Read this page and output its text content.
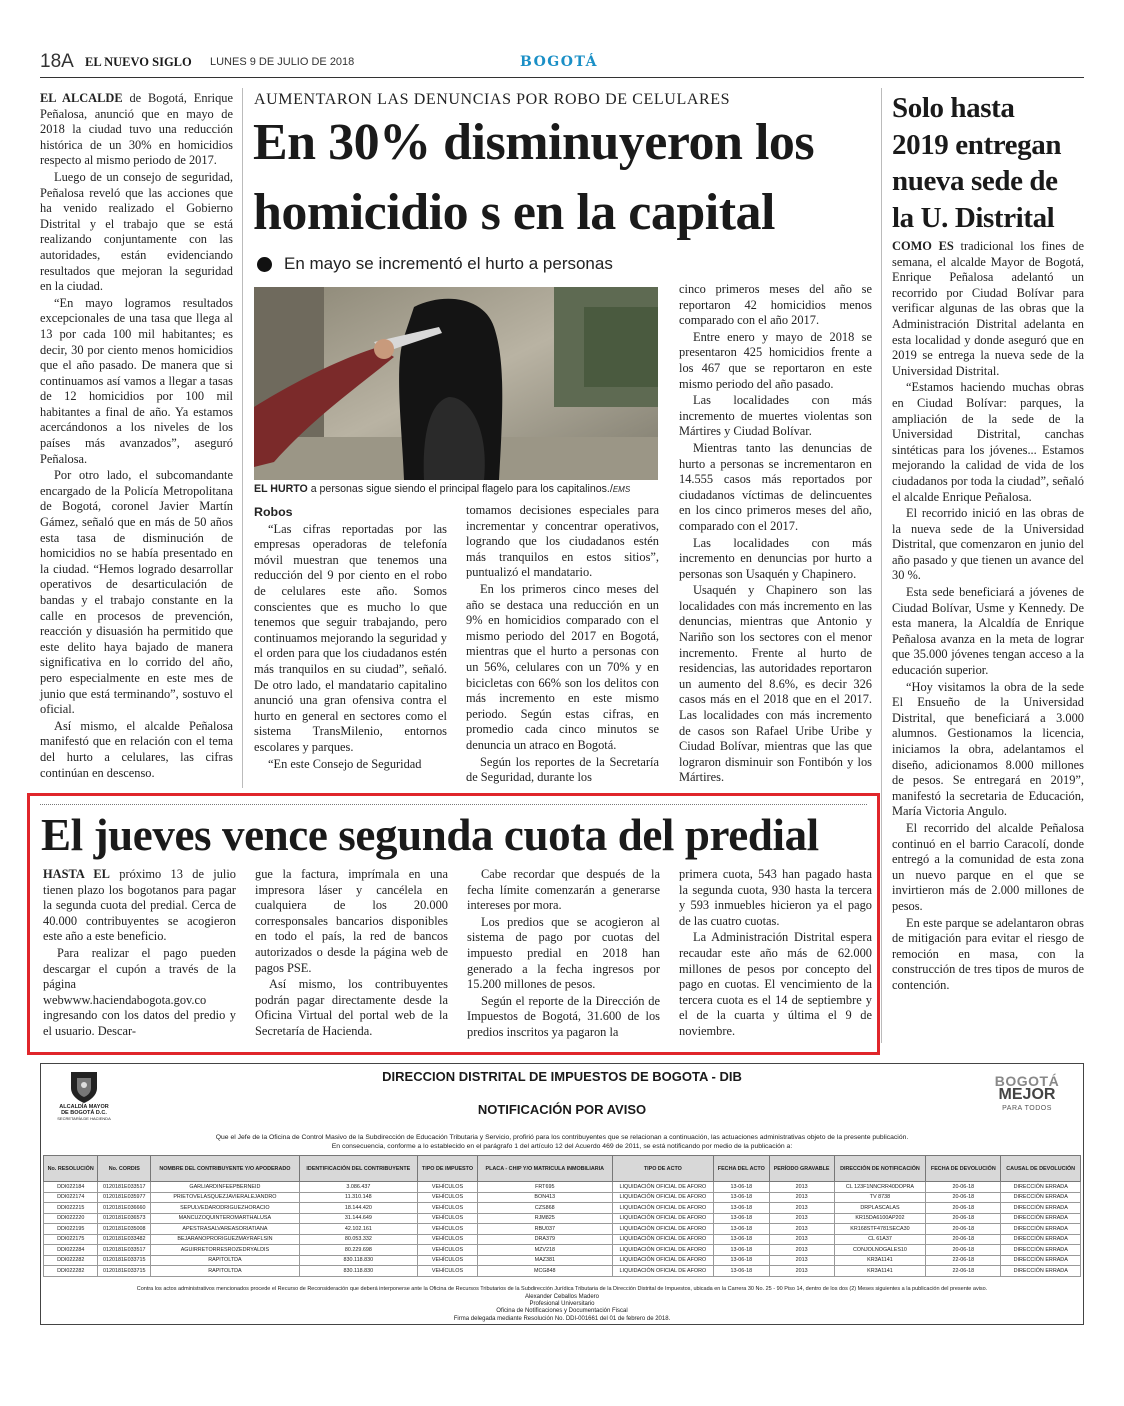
18A EL NUEVO SIGLO LUNES 9 DE JULIO DE 2018	BOGOTÁ

EL ALCALDE de Bogotá, Enrique Peñalosa, anunció que en mayo de 2018 la ciudad tuvo una reducción histórica de un 30% en homicidios respecto al mismo periodo de 2017.

Luego de un consejo de seguridad, Peñalosa reveló que las acciones que ha venido realizado el Gobierno Distrital y el trabajo que se está realizando conjuntamente con las autoridades, están evidenciando resultados que mejoran la seguridad en la ciudad.

“En mayo logramos resultados excepcionales de una tasa que llega al 13 por cada 100 mil habitantes; es decir, 30 por ciento menos homicidios que el año pasado. De manera que si continuamos así vamos a llegar a tasas de 12 homicidios por 100 mil habitantes a final de año. Ya estamos acercándonos a los niveles de los países más avanzados”, aseguró Peñalosa.

Por otro lado, el subcomandante encargado de la Policía Metropolitana de Bogotá, coronel Javier Martín Gámez, señaló que en más de 50 años esta tasa de disminución de homicidios no se había presentado en la ciudad. “Hemos logrado desarrollar operativos de desarticulación de bandas y el trabajo constante en la calle en procesos de prevención, reacción y disuasión ha permitido que este delito haya bajado de manera significativa en lo corrido del año, pero especialmente en este mes de junio que está terminando”, sostuvo el oficial.

Así mismo, el alcalde Peñalosa manifestó que en relación con el tema del hurto a celulares, las cifras continúan en descenso.

AUMENTARON LAS DENUNCIAS POR ROBO DE CELULARES
En 30% disminuyeron los
homicidio s en la capital
En mayo se incrementó el hurto a personas
EL HURTO a personas sigue siendo el principal flagelo para los capitalinos./EMS

Robos

“Las cifras reportadas por las empresas operadoras de telefonía móvil muestran que tenemos una reducción del 9 por ciento en el robo de celulares este año. Somos conscientes que es mucho lo que tenemos que seguir trabajando, pero continuamos mejorando la seguridad y el orden para que los ciudadanos estén más tranquilos en su ciudad”, señaló. De otro lado, el mandatario capitalino anunció una gran ofensiva contra el hurto en general en sectores como el sistema TransMilenio, entornos escolares y parques.

“En este Consejo de Seguridad

tomamos decisiones especiales para incrementar y concentrar operativos, logrando que los ciudadanos estén más tranquilos en estos sitios”, puntualizó el mandatario.

En los primeros cinco meses del año se destaca una reducción en un 9% en homicidios comparado con el mismo periodo del 2017 en Bogotá, mientras que el hurto a personas con un 56%, celulares con un 70% y en bicicletas con 66% son los delitos con más incremento en este mismo periodo. Según estas cifras, en promedio cada cinco minutos se denuncia un atraco en Bogotá.

Según los reportes de la Secretaría de Seguridad, durante los

cinco primeros meses del año se reportaron 42 homicidios menos comparado con el año 2017.

Entre enero y mayo de 2018 se presentaron 425 homicidios frente a los 467 que se reportaron en este mismo periodo del año pasado.

Las localidades con más incremento de muertes violentas son Mártires y Ciudad Bolívar.

Mientras tanto las denuncias de hurto a personas se incrementaron en 14.555 casos más reportados por ciudadanos víctimas de delincuentes en los cinco primeros meses del año, comparado con el 2017.

Las localidades con más incremento en denuncias por hurto a personas son Usaquén y Chapinero.

Usaquén y Chapinero son las localidades con más incremento en las denuncias, mientras que Antonio y Nariño son los sectores con el menor incremento. Frente al hurto de residencias, las autoridades reportaron un aumento del 8.6%, es decir 326 casos más en el 2018 que en el 2017. Las localidades con más incremento de casos son Rafael Uribe Uribe y Ciudad Bolívar, mientras que las que lograron disminuir son Fontibón y los Mártires.

Solo hasta
2019 entregan
nueva sede de
la U. Distrital

COMO ES tradicional los fines de semana, el alcalde Mayor de Bogotá, Enrique Peñalosa adelantó un recorrido por Ciudad Bolívar para verificar algunas de las obras que la Administración Distrital adelanta en esta localidad y donde aseguró que en 2019 se entrega la nueva sede de la Universidad Distrital.

“Estamos haciendo muchas obras en Ciudad Bolívar: parques, la ampliación de la sede de la Universidad Distrital, canchas sintéticas para los jóvenes... Estamos mejorando la calidad de vida de los ciudadanos por toda la ciudad”, señaló el alcalde Enrique Peñalosa.

El recorrido inició en las obras de la nueva sede de la Universidad Distrital, que comenzaron en junio del año pasado y que tienen un avance del 30 %.

Esta sede beneficiará a jóvenes de Ciudad Bolívar, Usme y Kennedy. De esta manera, la Alcaldía de Enrique Peñalosa avanza en la meta de lograr que 35.000 jóvenes tengan acceso a la educación superior.

“Hoy visitamos la obra de la sede El Ensueño de la Universidad Distrital, que beneficiará a 3.000 alumnos. Gestionamos la licencia, iniciamos la obra, adelantamos el diseño, adicionamos 8.000 millones de pesos. Se entregará en 2019”, manifestó la secretaria de Educación, María Victoria Angulo.

El recorrido del alcalde Peñalosa continuó en el barrio Caracolí, donde entregó a la comunidad de esta zona un nuevo parque en el que se invirtieron más de 2.000 millones de pesos.

En este parque se adelantaron obras de mitigación para evitar el riesgo de remoción en masa, con la construcción de tres tipos de muros de contención.

El jueves vence segunda cuota del predial

HASTA EL próximo 13 de julio tienen plazo los bogotanos para pagar la segunda cuota del predial. Cerca de 40.000 contribuyentes se acogieron este año a este beneficio.

Para realizar el pago pueden descargar el cupón a través de la página webwww.haciendabogota.gov.co ingresando con los datos del predio y el usuario. Descar-

gue la factura, imprímala en una impresora láser y cancélela en cualquiera de los 20.000 corresponsales bancarios disponibles en todo el país, la red de bancos autorizados o desde la página web de pagos PSE.

Así mismo, los contribuyentes podrán pagar directamente desde la Oficina Virtual del portal web de la Secretaría de Hacienda.

Cabe recordar que después de la fecha límite comenzarán a generarse intereses por mora.

Los predios que se acogieron al sistema de pago por cuotas del impuesto predial en 2018 han generado a la fecha ingresos por 15.200 millones de pesos.

Según el reporte de la Dirección de Impuestos de Bogotá, 31.600 de los predios inscritos ya pagaron la

primera cuota, 543 han pagado hasta la segunda cuota, 930 hasta la tercera y 593 inmuebles hicieron ya el pago de las cuatro cuotas.

La Administración Distrital espera recaudar este año más de 62.000 millones de pesos por concepto del pago en cuotas. El vencimiento de la tercera cuota es el 14 de septiembre y el de la cuarta y última el 9 de noviembre.

ALCALDÍA MAYOR
DE BOGOTÁ D.C.
SECRETARÍA DE HACIENDA
DIRECCION DISTRITAL DE IMPUESTOS DE BOGOTA - DIB
NOTIFICACIÓN POR AVISO
BOGOTÁ
MEJOR
PARA TODOS
Que el Jefe de la Oficina de Control Masivo de la Subdirección de Educación Tributaria y Servicio, profirió para los contribuyentes que se relacionan a continuación, las actuaciones administrativas objeto de la presente publicación.
En consecuencia, conforme a lo establecido en el parágrafo 1 del artículo 12 del Acuerdo 469 de 2011, se está notificando por medio de la publicación a:
No. RESOLUCIÓN	No. CORDIS	NOMBRE DEL CONTRIBUYENTE Y/O APODERADO	IDENTIFICACIÓN DEL CONTRIBUYENTE	TIPO DE IMPUESTO	PLACA - CHIP Y/O MATRICULA INMOBILIARIA	TIPO DE ACTO	FECHA DEL ACTO	PERÍODO GRAVABLE	DIRECCIÓN DE NOTIFICACIÓN	FECHA DE DEVOLUCIÓN	CAUSAL DE DEVOLUCIÓN
DDI022184	0120181E033517	GARLIARDINFEEPBERNEID	3.086.437	VEHÍCULOS	FRT695	LIQUIDACIÓN OFICIAL DE AFORO	13-06-18	2013	CL 123F1NNCRR40DOPRA	20-06-18	DIRECCIÓN ERRADA
DDI022174	0120181E035977	PRIETOVELASQUEZJAVIERALEJANDRO	11.310.148	VEHÍCULOS	BON413	LIQUIDACIÓN OFICIAL DE AFORO	13-06-18	2013	TV 8738	20-06-18	DIRECCIÓN ERRADA
DDI022215	0120181E036660	SEPULVEDARODRIGUEZHORACIO	18.144.420	VEHÍCULOS	CZS868	LIQUIDACIÓN OFICIAL DE AFORO	13-06-18	2013	DRPLASCALAS	20-06-18	DIRECCIÓN ERRADA
DDI022220	0120181E036573	MANCUZOQUINTEROMARTHALUSA	31.144.649	VEHÍCULOS	RJM825	LIQUIDACIÓN OFICIAL DE AFORO	13-06-18	2013	KR15DA6100AP202	20-06-18	DIRECCIÓN ERRADA
DDI022195	0120181E035008	APESTRASALVAREASORIATIANA	42.102.161	VEHÍCULOS	RBU037	LIQUIDACIÓN OFICIAL DE AFORO	13-06-18	2013	KR168STF4781SECA30	20-06-18	DIRECCIÓN ERRADA
DDI022175	0120181E033482	BEJARANOPRORIGUEZMAYRAFLSIN	80.053.332	VEHÍCULOS	DRA379	LIQUIDACIÓN OFICIAL DE AFORO	13-06-18	2013	CL 61A37	20-06-18	DIRECCIÓN ERRADA
DDI022284	0120181E033517	AGUIRRETORRESROZEDRYALDIS	80.229.698	VEHÍCULOS	MZV218	LIQUIDACIÓN OFICIAL DE AFORO	13-06-18	2013	CONJOLNOGALES10	20-06-18	DIRECCIÓN ERRADA
DDI022282	0120181E033715	RAPITOLTDA	830.118.830	VEHÍCULOS	MAZ381	LIQUIDACIÓN OFICIAL DE AFORO	13-06-18	2013	KR3A1141	22-06-18	DIRECCIÓN ERRADA
DDI022282	0120181E033715	RAPITOLTDA	830.118.830	VEHÍCULOS	MCG848	LIQUIDACIÓN OFICIAL DE AFORO	13-06-18	2013	KR3A1141	22-06-18	DIRECCIÓN ERRADA
Contra los actos administrativos mencionados procede el Recurso de Reconsideración que deberá interponerse ante la Oficina de Recursos Tributarios de la Subdirección Jurídica Tributaria de la Dirección Distrital de Impuestos, ubicada en la Carrera 30 No. 25 - 90 Piso 14, dentro de los dos (2) Meses siguientes a la publicación del presente aviso.
Alexander Ceballos Madero
Profesional Universitario
Oficina de Notificaciones y Documentación Fiscal
Firma delegada mediante Resolución No. DDI-001661 del 01 de febrero de 2018.
